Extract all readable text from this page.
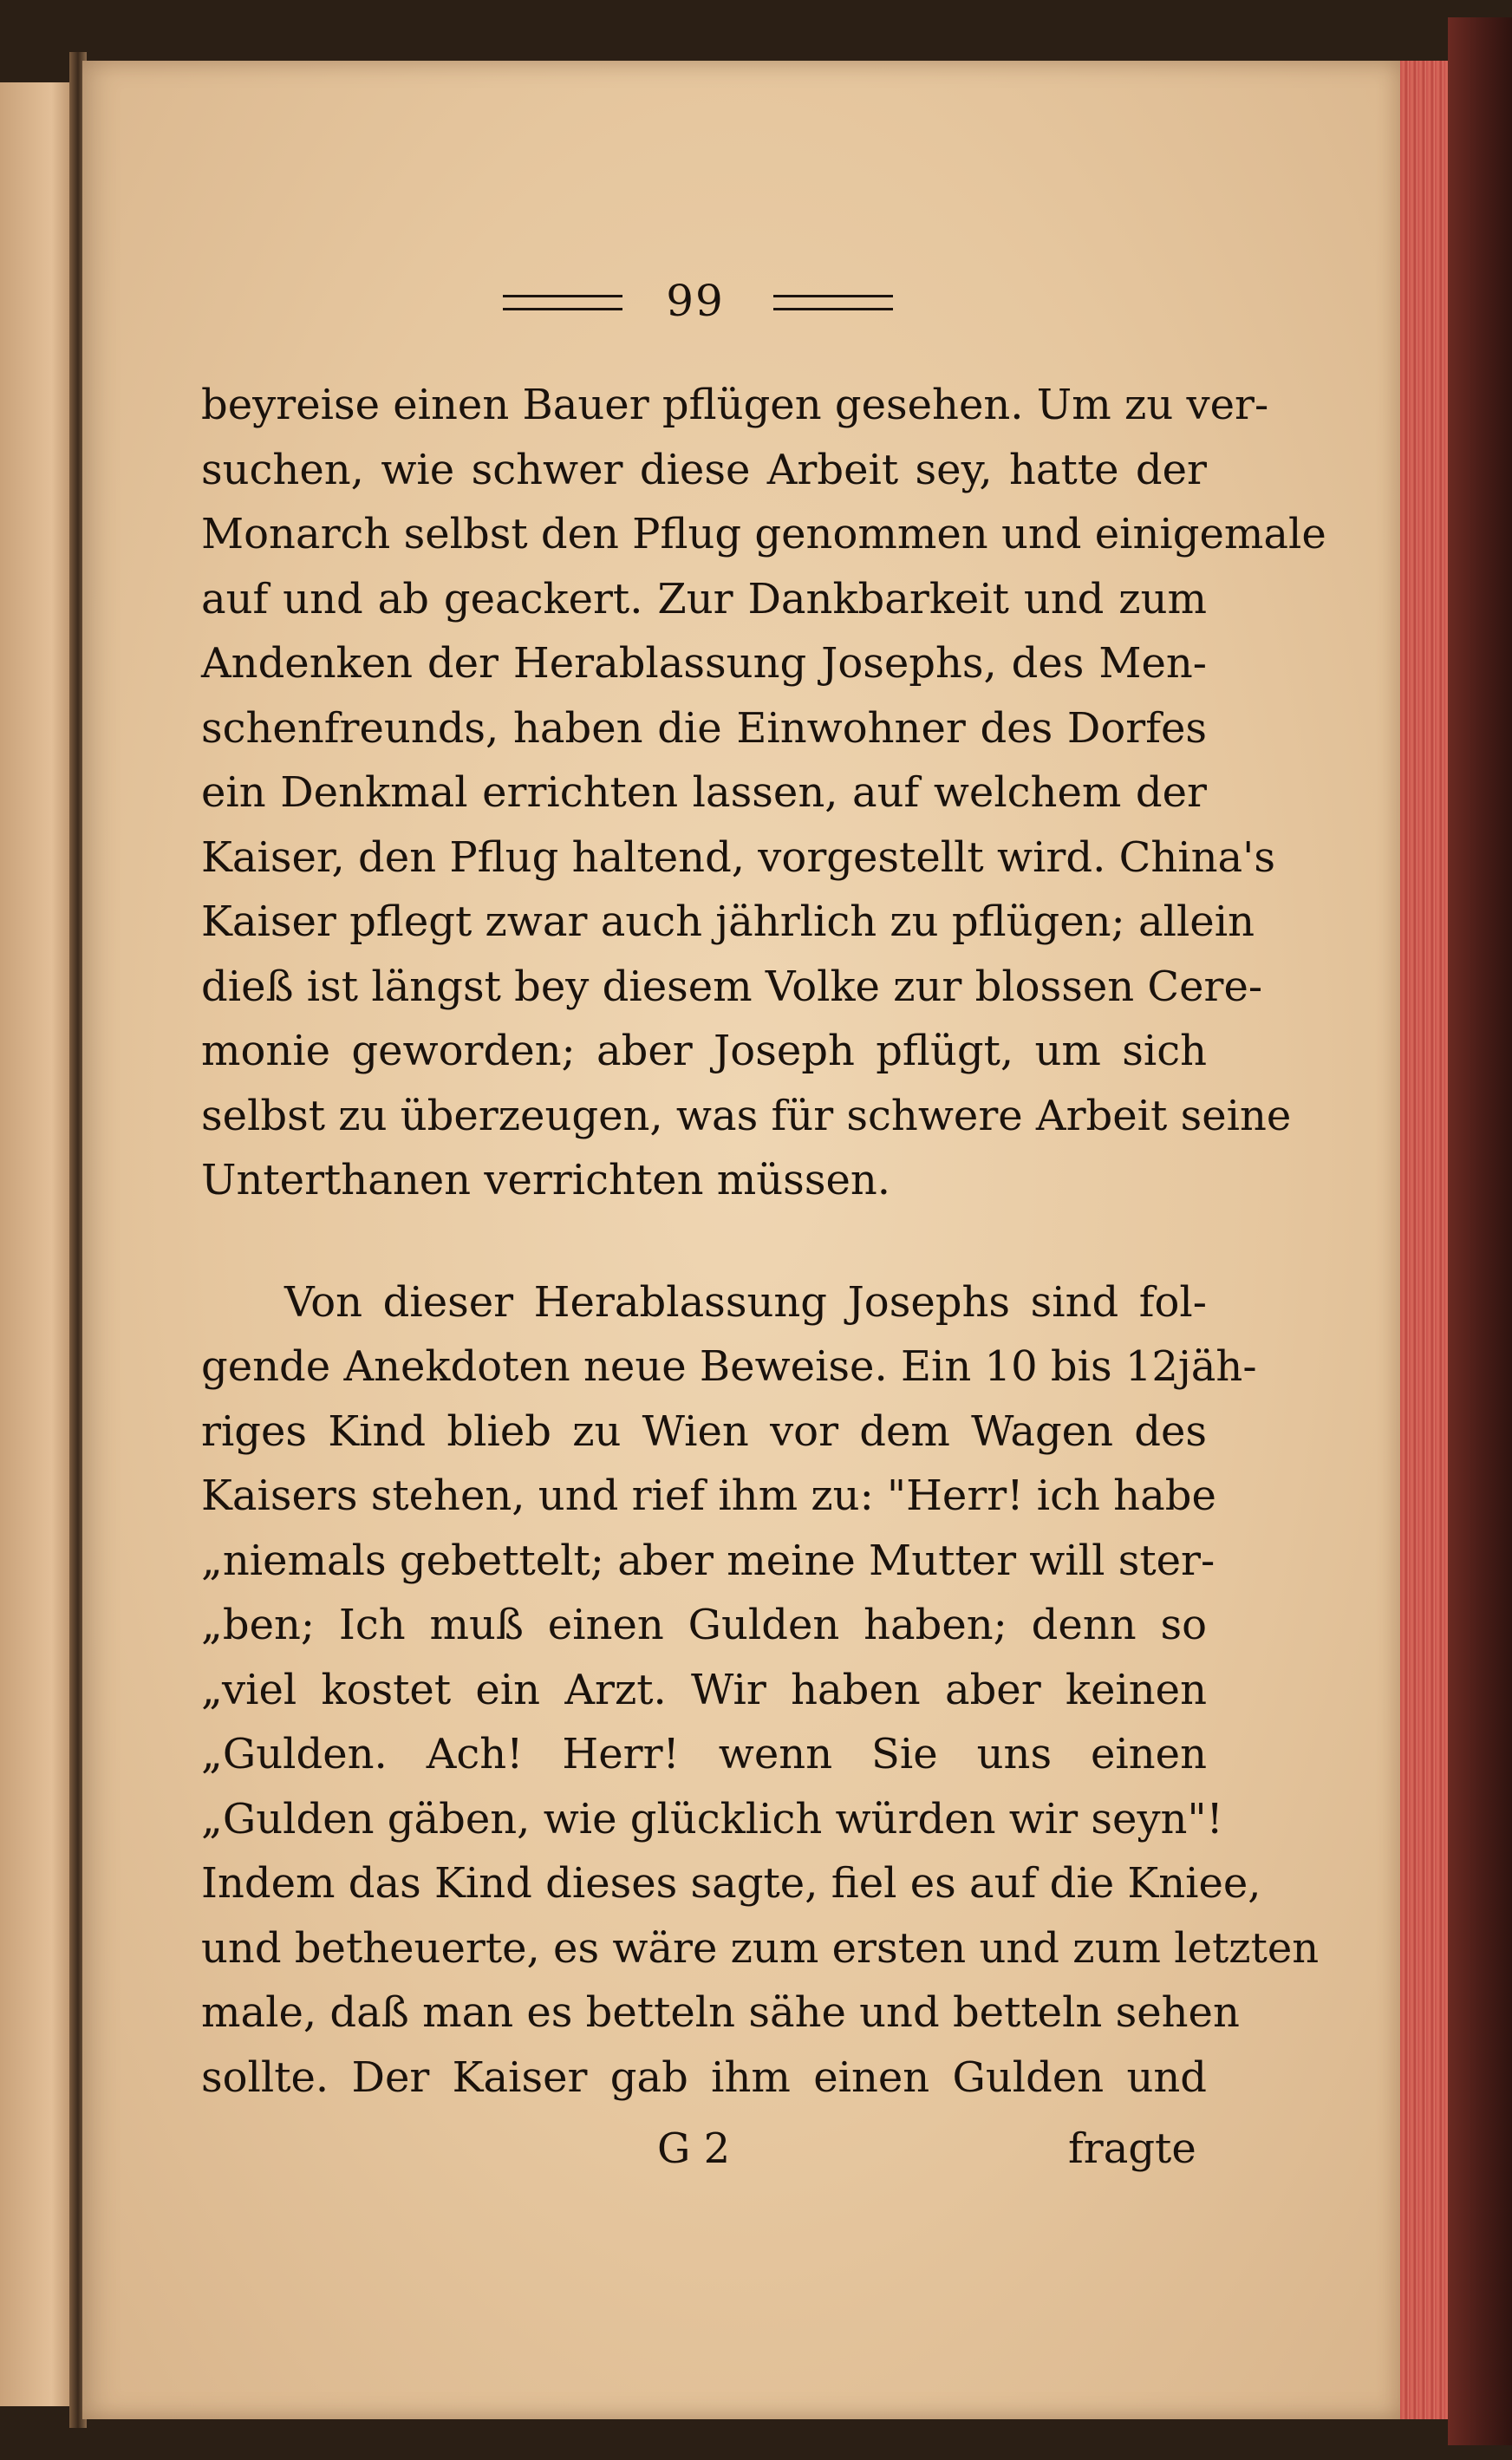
99
beyreise einen Bauer pflügen gesehen. Um zu ver-
suchen, wie schwer diese Arbeit sey, hatte der
Monarch selbst den Pflug genommen und einigemale
auf und ab geackert. Zur Dankbarkeit und zum
Andenken der Herablassung Josephs, des Men-
schenfreunds, haben die Einwohner des Dorfes
ein Denkmal errichten lassen, auf welchem der
Kaiser, den Pflug haltend, vorgestellt wird. China's
Kaiser pflegt zwar auch jährlich zu pflügen; allein
dieß ist längst bey diesem Volke zur blossen Cere-
monie geworden; aber Joseph pflügt, um sich
selbst zu überzeugen, was für schwere Arbeit seine
Unterthanen verrichten müssen.
Von dieser Herablassung Josephs sind fol-
gende Anekdoten neue Beweise. Ein 10 bis 12jäh-
riges Kind blieb zu Wien vor dem Wagen des
Kaisers stehen, und rief ihm zu: "Herr! ich habe
„niemals gebettelt; aber meine Mutter will ster-
„ben; Ich muß einen Gulden haben; denn so
„viel kostet ein Arzt. Wir haben aber keinen
„Gulden. Ach! Herr! wenn Sie uns einen
„Gulden gäben, wie glücklich würden wir seyn"!
Indem das Kind dieses sagte, fiel es auf die Kniee,
und betheuerte, es wäre zum ersten und zum letzten
male, daß man es betteln sähe und betteln sehen
sollte. Der Kaiser gab ihm einen Gulden und
G 2	fragte
